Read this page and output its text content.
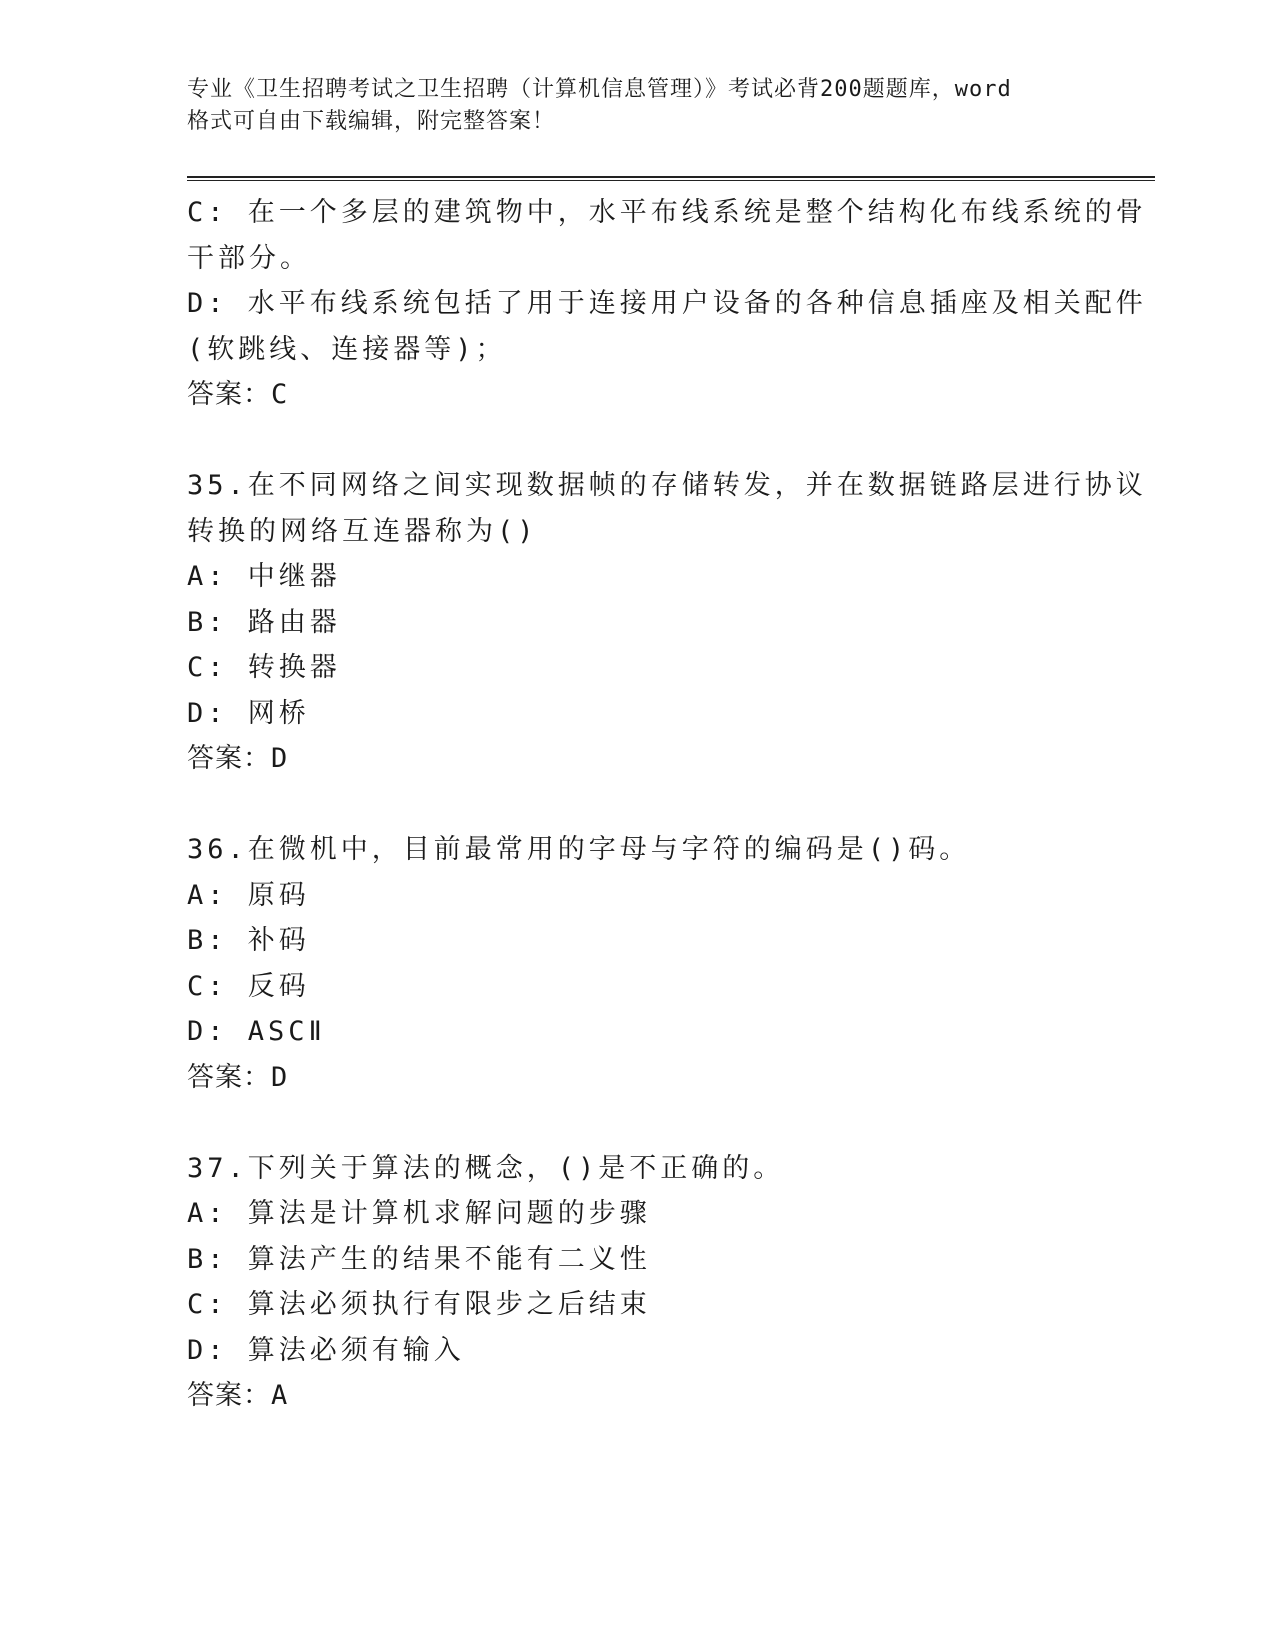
专业《卫生招聘考试之卫生招聘（计算机信息管理）》考试必背200题题库，word
格式可自由下载编辑，附完整答案！
C: 在一个多层的建筑物中，水平布线系统是整个结构化布线系统的骨
干部分。
D: 水平布线系统包括了用于连接用户设备的各种信息插座及相关配件
(软跳线、连接器等)；
答案：C
35.在不同网络之间实现数据帧的存储转发，并在数据链路层进行协议
转换的网络互连器称为()
A: 中继器
B: 路由器
C: 转换器
D: 网桥
答案：D
36.在微机中，目前最常用的字母与字符的编码是()码。
A: 原码
B: 补码
C: 反码
D: ASCⅡ
答案：D
37.下列关于算法的概念，()是不正确的。
A: 算法是计算机求解问题的步骤
B: 算法产生的结果不能有二义性
C: 算法必须执行有限步之后结束
D: 算法必须有输入
答案：A
